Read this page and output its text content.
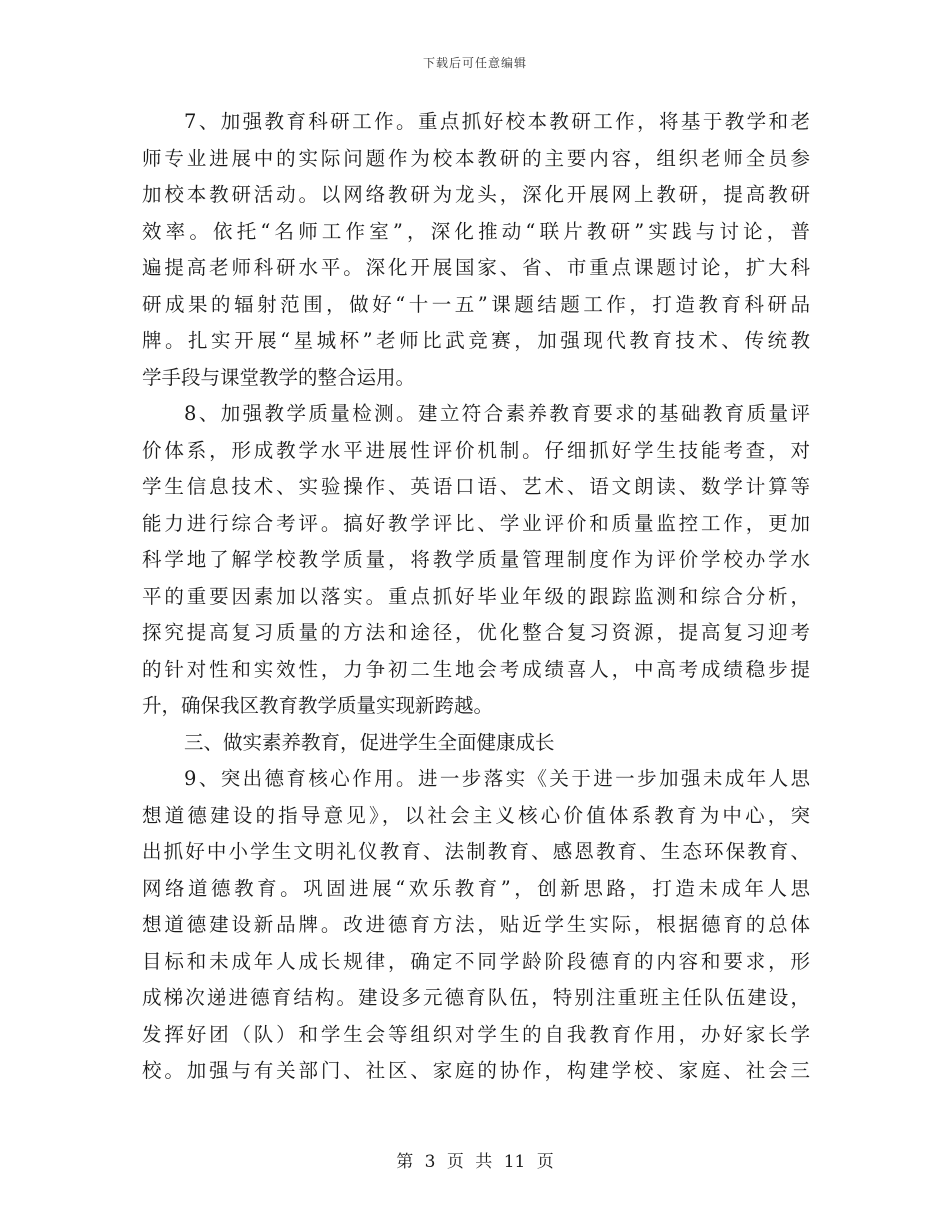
下载后可任意编辑
7、加强教育科研工作。重点抓好校本教研工作，将基于教学和老
师专业进展中的实际问题作为校本教研的主要内容，组织老师全员参
加校本教研活动。以网络教研为龙头，深化开展网上教研，提高教研
效率。依托“名师工作室”，深化推动“联片教研”实践与讨论，普
遍提高老师科研水平。深化开展国家、省、市重点课题讨论，扩大科
研成果的辐射范围，做好“十一五”课题结题工作，打造教育科研品
牌。扎实开展“星城杯”老师比武竞赛，加强现代教育技术、传统教
学手段与课堂教学的整合运用。
8、加强教学质量检测。建立符合素养教育要求的基础教育质量评
价体系，形成教学水平进展性评价机制。仔细抓好学生技能考查，对
学生信息技术、实验操作、英语口语、艺术、语文朗读、数学计算等
能力进行综合考评。搞好教学评比、学业评价和质量监控工作，更加
科学地了解学校教学质量，将教学质量管理制度作为评价学校办学水
平的重要因素加以落实。重点抓好毕业年级的跟踪监测和综合分析，
探究提高复习质量的方法和途径，优化整合复习资源，提高复习迎考
的针对性和实效性，力争初二生地会考成绩喜人，中高考成绩稳步提
升，确保我区教育教学质量实现新跨越。
三、做实素养教育，促进学生全面健康成长
9、突出德育核心作用。进一步落实《关于进一步加强未成年人思
想道德建设的指导意见》，以社会主义核心价值体系教育为中心，突
出抓好中小学生文明礼仪教育、法制教育、感恩教育、生态环保教育、
网络道德教育。巩固进展“欢乐教育”，创新思路，打造未成年人思
想道德建设新品牌。改进德育方法，贴近学生实际，根据德育的总体
目标和未成年人成长规律，确定不同学龄阶段德育的内容和要求，形
成梯次递进德育结构。建设多元德育队伍，特别注重班主任队伍建设，
发挥好团（队）和学生会等组织对学生的自我教育作用，办好家长学
校。加强与有关部门、社区、家庭的协作，构建学校、家庭、社会三
第 3 页 共 11 页
